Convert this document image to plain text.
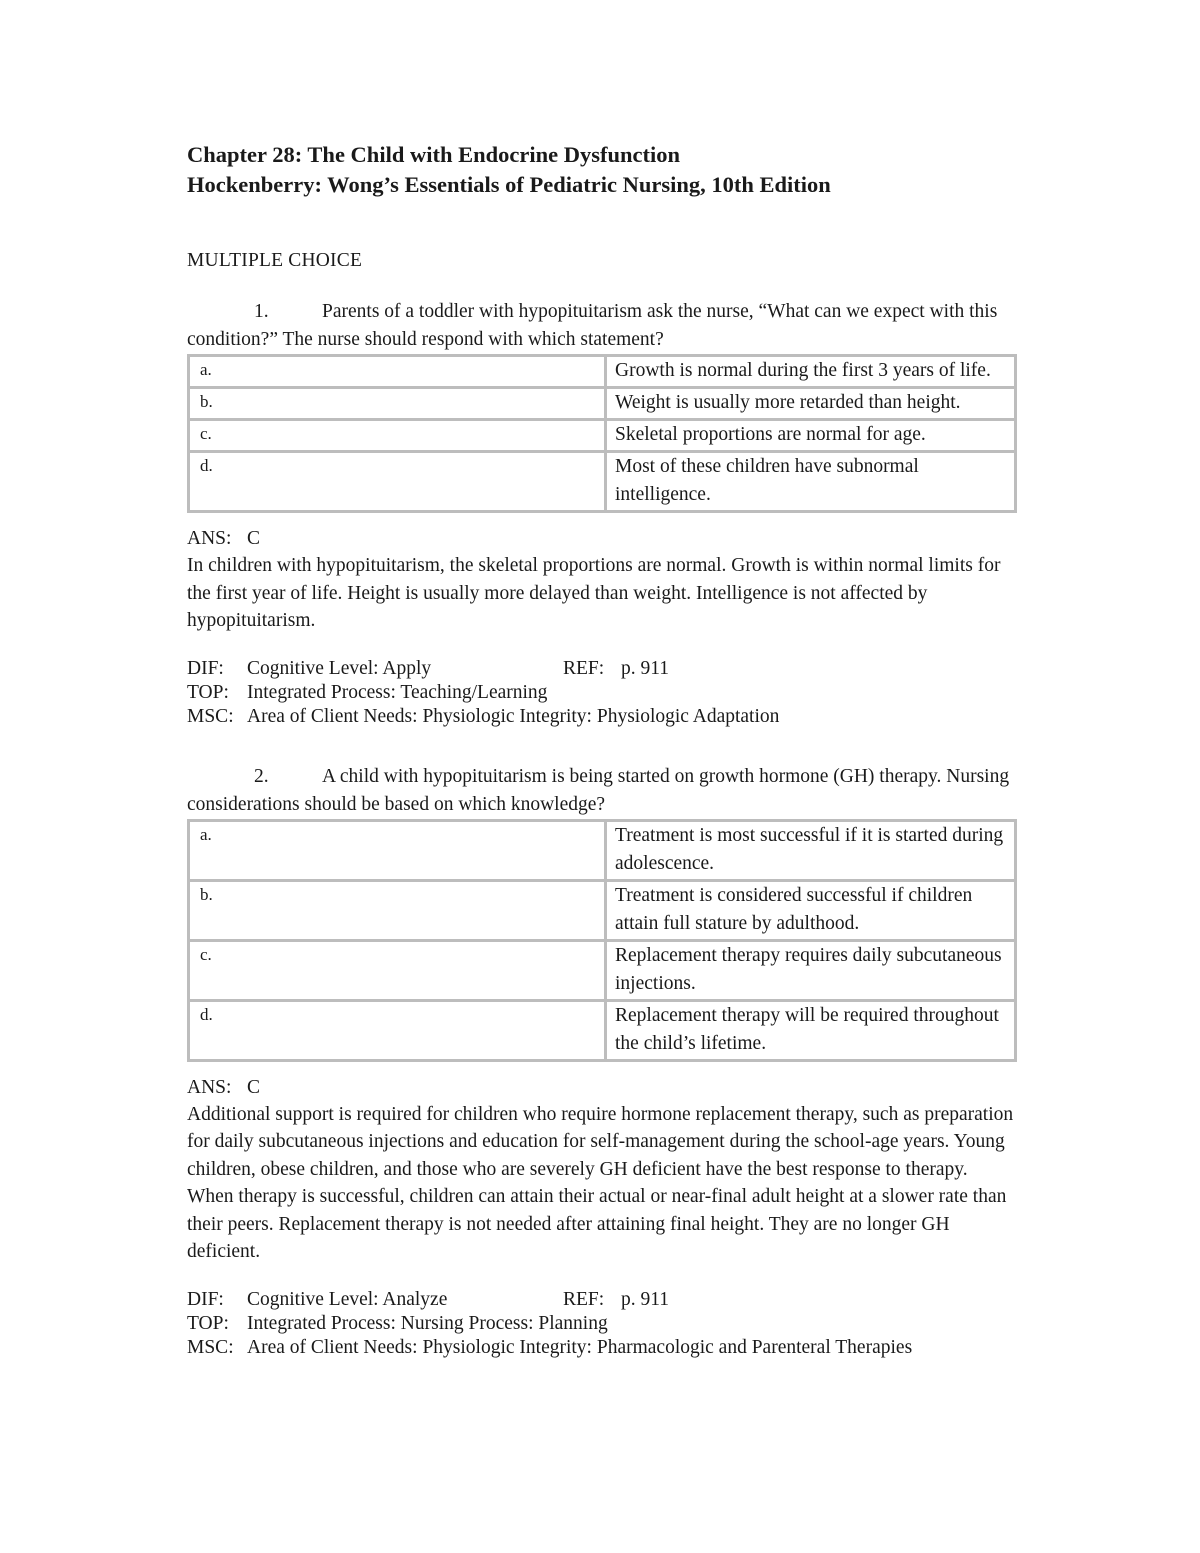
Chapter 28: The Child with Endocrine Dysfunction
Hockenberry: Wong’s Essentials of Pediatric Nursing, 10th Edition
MULTIPLE CHOICE
1.	Parents of a toddler with hypopituitarism ask the nurse, “What can we expect with this condition?” The nurse should respond with which statement?
a.	Growth is normal during the first 3 years of life.
b.	Weight is usually more retarded than height.
c.	Skeletal proportions are normal for age.
d.	Most of these children have subnormal intelligence.
ANS: C
In children with hypopituitarism, the skeletal proportions are normal. Growth is within normal limits for the first year of life. Height is usually more delayed than weight. Intelligence is not affected by hypopituitarism.
DIF: Cognitive Level: Apply	REF: p. 911
TOP: Integrated Process: Teaching/Learning
MSC: Area of Client Needs: Physiologic Integrity: Physiologic Adaptation
2.	A child with hypopituitarism is being started on growth hormone (GH) therapy. Nursing considerations should be based on which knowledge?
a.	Treatment is most successful if it is started during adolescence.
b.	Treatment is considered successful if children attain full stature by adulthood.
c.	Replacement therapy requires daily subcutaneous injections.
d.	Replacement therapy will be required throughout the child’s lifetime.
ANS: C
Additional support is required for children who require hormone replacement therapy, such as preparation for daily subcutaneous injections and education for self-management during the school-age years. Young children, obese children, and those who are severely GH deficient have the best response to therapy. When therapy is successful, children can attain their actual or near-final adult height at a slower rate than their peers. Replacement therapy is not needed after attaining final height. They are no longer GH deficient.
DIF: Cognitive Level: Analyze	REF: p. 911
TOP: Integrated Process: Nursing Process: Planning
MSC: Area of Client Needs: Physiologic Integrity: Pharmacologic and Parenteral Therapies
